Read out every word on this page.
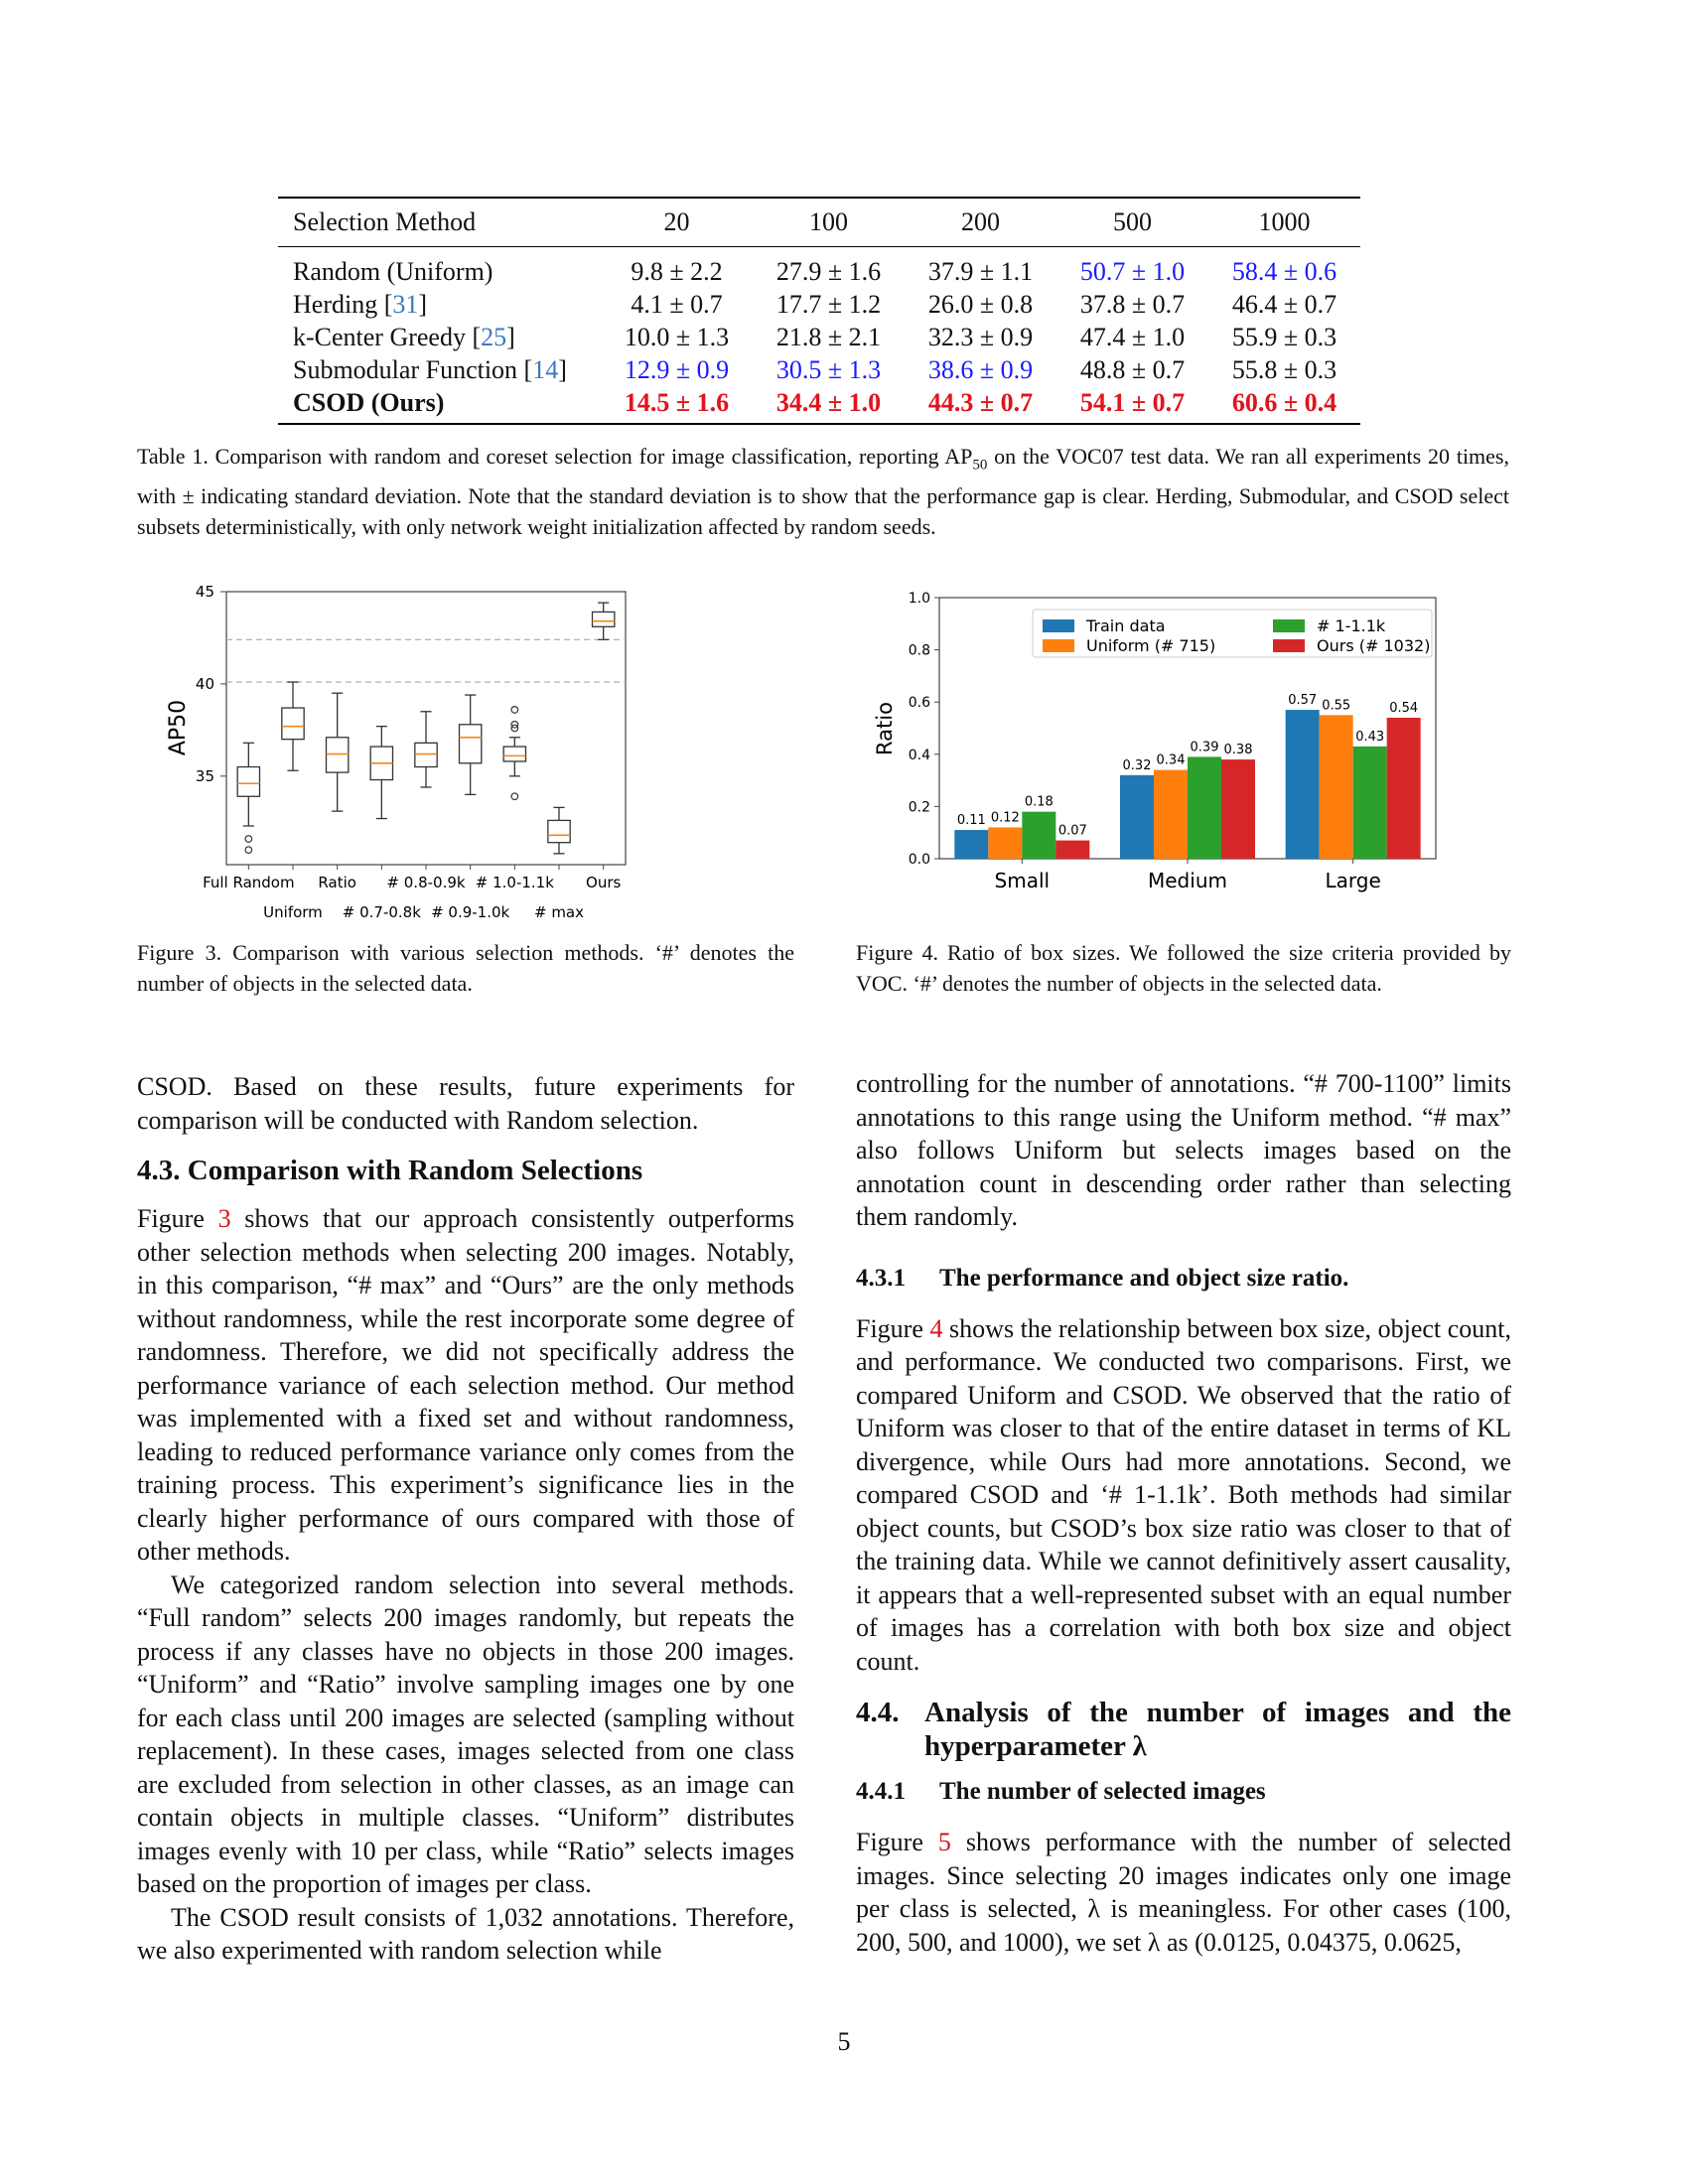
Selection Method	20	100	200	500	1000
Random (Uniform)	9.8 ± 2.2	27.9 ± 1.6	37.9 ± 1.1	50.7 ± 1.0	58.4 ± 0.6
Herding [31]	4.1 ± 0.7	17.7 ± 1.2	26.0 ± 0.8	37.8 ± 0.7	46.4 ± 0.7
k-Center Greedy [25]	10.0 ± 1.3	21.8 ± 2.1	32.3 ± 0.9	47.4 ± 1.0	55.9 ± 0.3
Submodular Function [14]	12.9 ± 0.9	30.5 ± 1.3	38.6 ± 0.9	48.8 ± 0.7	55.8 ± 0.3
CSOD (Ours)	14.5 ± 1.6	34.4 ± 1.0	44.3 ± 0.7	54.1 ± 0.7	60.6 ± 0.4
Table 1. Comparison with random and coreset selection for image classification, reporting $AP_{50}$ on the VOC07 test data. We ran all experiments 20 times, with ± indicating standard deviation. Note that the standard deviation is to show that the performance gap is clear. Herding, Submodular, and CSOD select subsets deterministically, with only network weight initialization affected by random seeds.
35
40
45
AP50
Full Random Ratio # 0.8-0.9k # 1.0-1.1k Ours
Uniform # 0.7-0.8k # 0.9-1.0k # max
Figure 3. Comparison with various selection methods. ‘#’ denotes the number of objects in the selected data.
0.0
0.2
0.4
0.6
0.8
1.0
Ratio
Small
0.11 0.12
0.18
0.07
Medium
0.32 0.34
0.39 0.38
Large
0.57 0.55
0.43
0.54
Train data
Uniform (# 715)
# 1-1.1k
Ours (# 1032)
Figure 4. Ratio of box sizes. We followed the size criteria provided by VOC. ‘#’ denotes the number of objects in the selected data.

CSOD. Based on these results, future experiments for comparison will be conducted with Random selection.

4.3. Comparison with Random Selections

Figure 3 shows that our approach consistently outperforms other selection methods when selecting 200 images. Notably, in this comparison, “# max” and “Ours” are the only methods without randomness, while the rest incorporate some degree of randomness. Therefore, we did not specifically address the performance variance of each selection method. Our method was implemented with a fixed set and without randomness, leading to reduced performance variance only comes from the training process. This experiment’s significance lies in the clearly higher performance of ours compared with those of other methods.

We categorized random selection into several methods. “Full random” selects 200 images randomly, but repeats the process if any classes have no objects in those 200 images. “Uniform” and “Ratio” involve sampling images one by one for each class until 200 images are selected (sampling without replacement). In these cases, images selected from one class are excluded from selection in other classes, as an image can contain objects in multiple classes. “Uniform” distributes images evenly with 10 per class, while “Ratio” selects images based on the proportion of images per class.

The CSOD result consists of 1,032 annotations. Therefore, we also experimented with random selection while

controlling for the number of annotations. “# 700-1100” limits annotations to this range using the Uniform method. “# max” also follows Uniform but selects images based on the annotation count in descending order rather than selecting them randomly.

4.3.1 The performance and object size ratio.

Figure 4 shows the relationship between box size, object count, and performance. We conducted two comparisons. First, we compared Uniform and CSOD. We observed that the ratio of Uniform was closer to that of the entire dataset in terms of KL divergence, while Ours had more annotations. Second, we compared CSOD and ‘# 1-1.1k’. Both methods had similar object counts, but CSOD’s box size ratio was closer to that of the training data. While we cannot definitively assert causality, it appears that a well-represented subset with an equal number of images has a correlation with both box size and object count.

4.4. Analysis of the number of images and the hyperparameter λ
4.4.1 The number of selected images

Figure 5 shows performance with the number of selected images. Since selecting 20 images indicates only one image per class is selected, λ is meaningless. For other cases (100, 200, 500, and 1000), we set λ as (0.0125, 0.04375, 0.0625,

5
